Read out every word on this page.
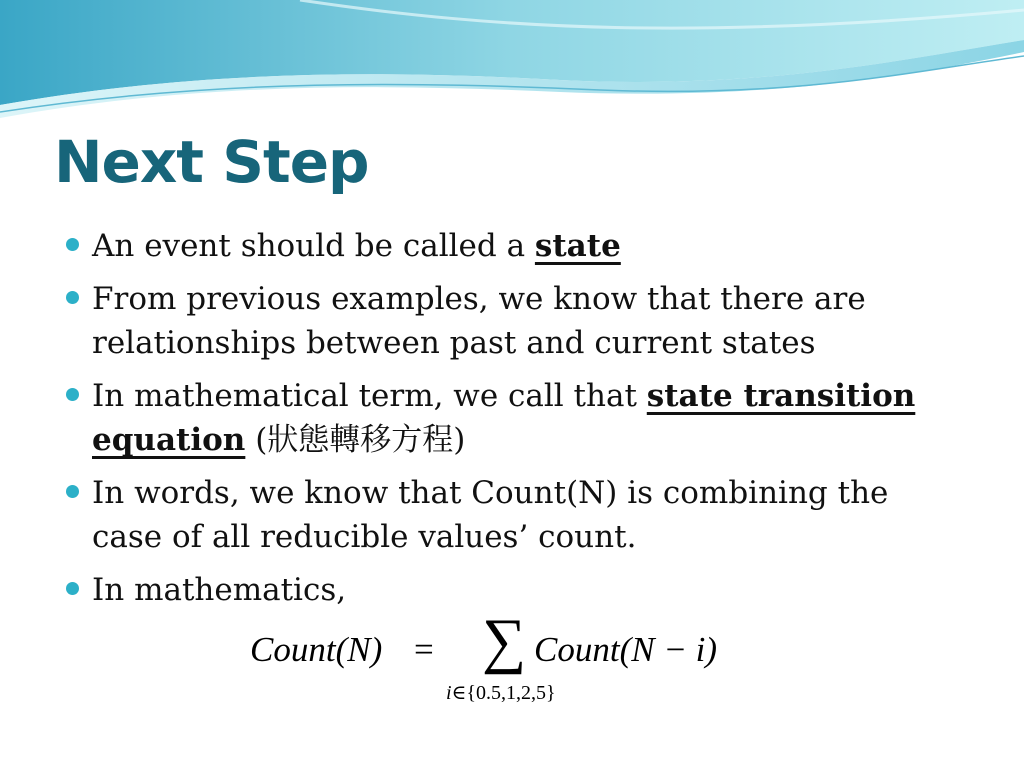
Next Step
An event should be called a state
From previous examples, we know that there are relationships between past and current states
In mathematical term, we call that state transition equation (狀態轉移方程)
In words, we know that Count(N) is combining the case of all reducible values’ count.
In mathematics,
Count(N) = ∑ Count(N − i)
i∈{0.5,1,2,5}
